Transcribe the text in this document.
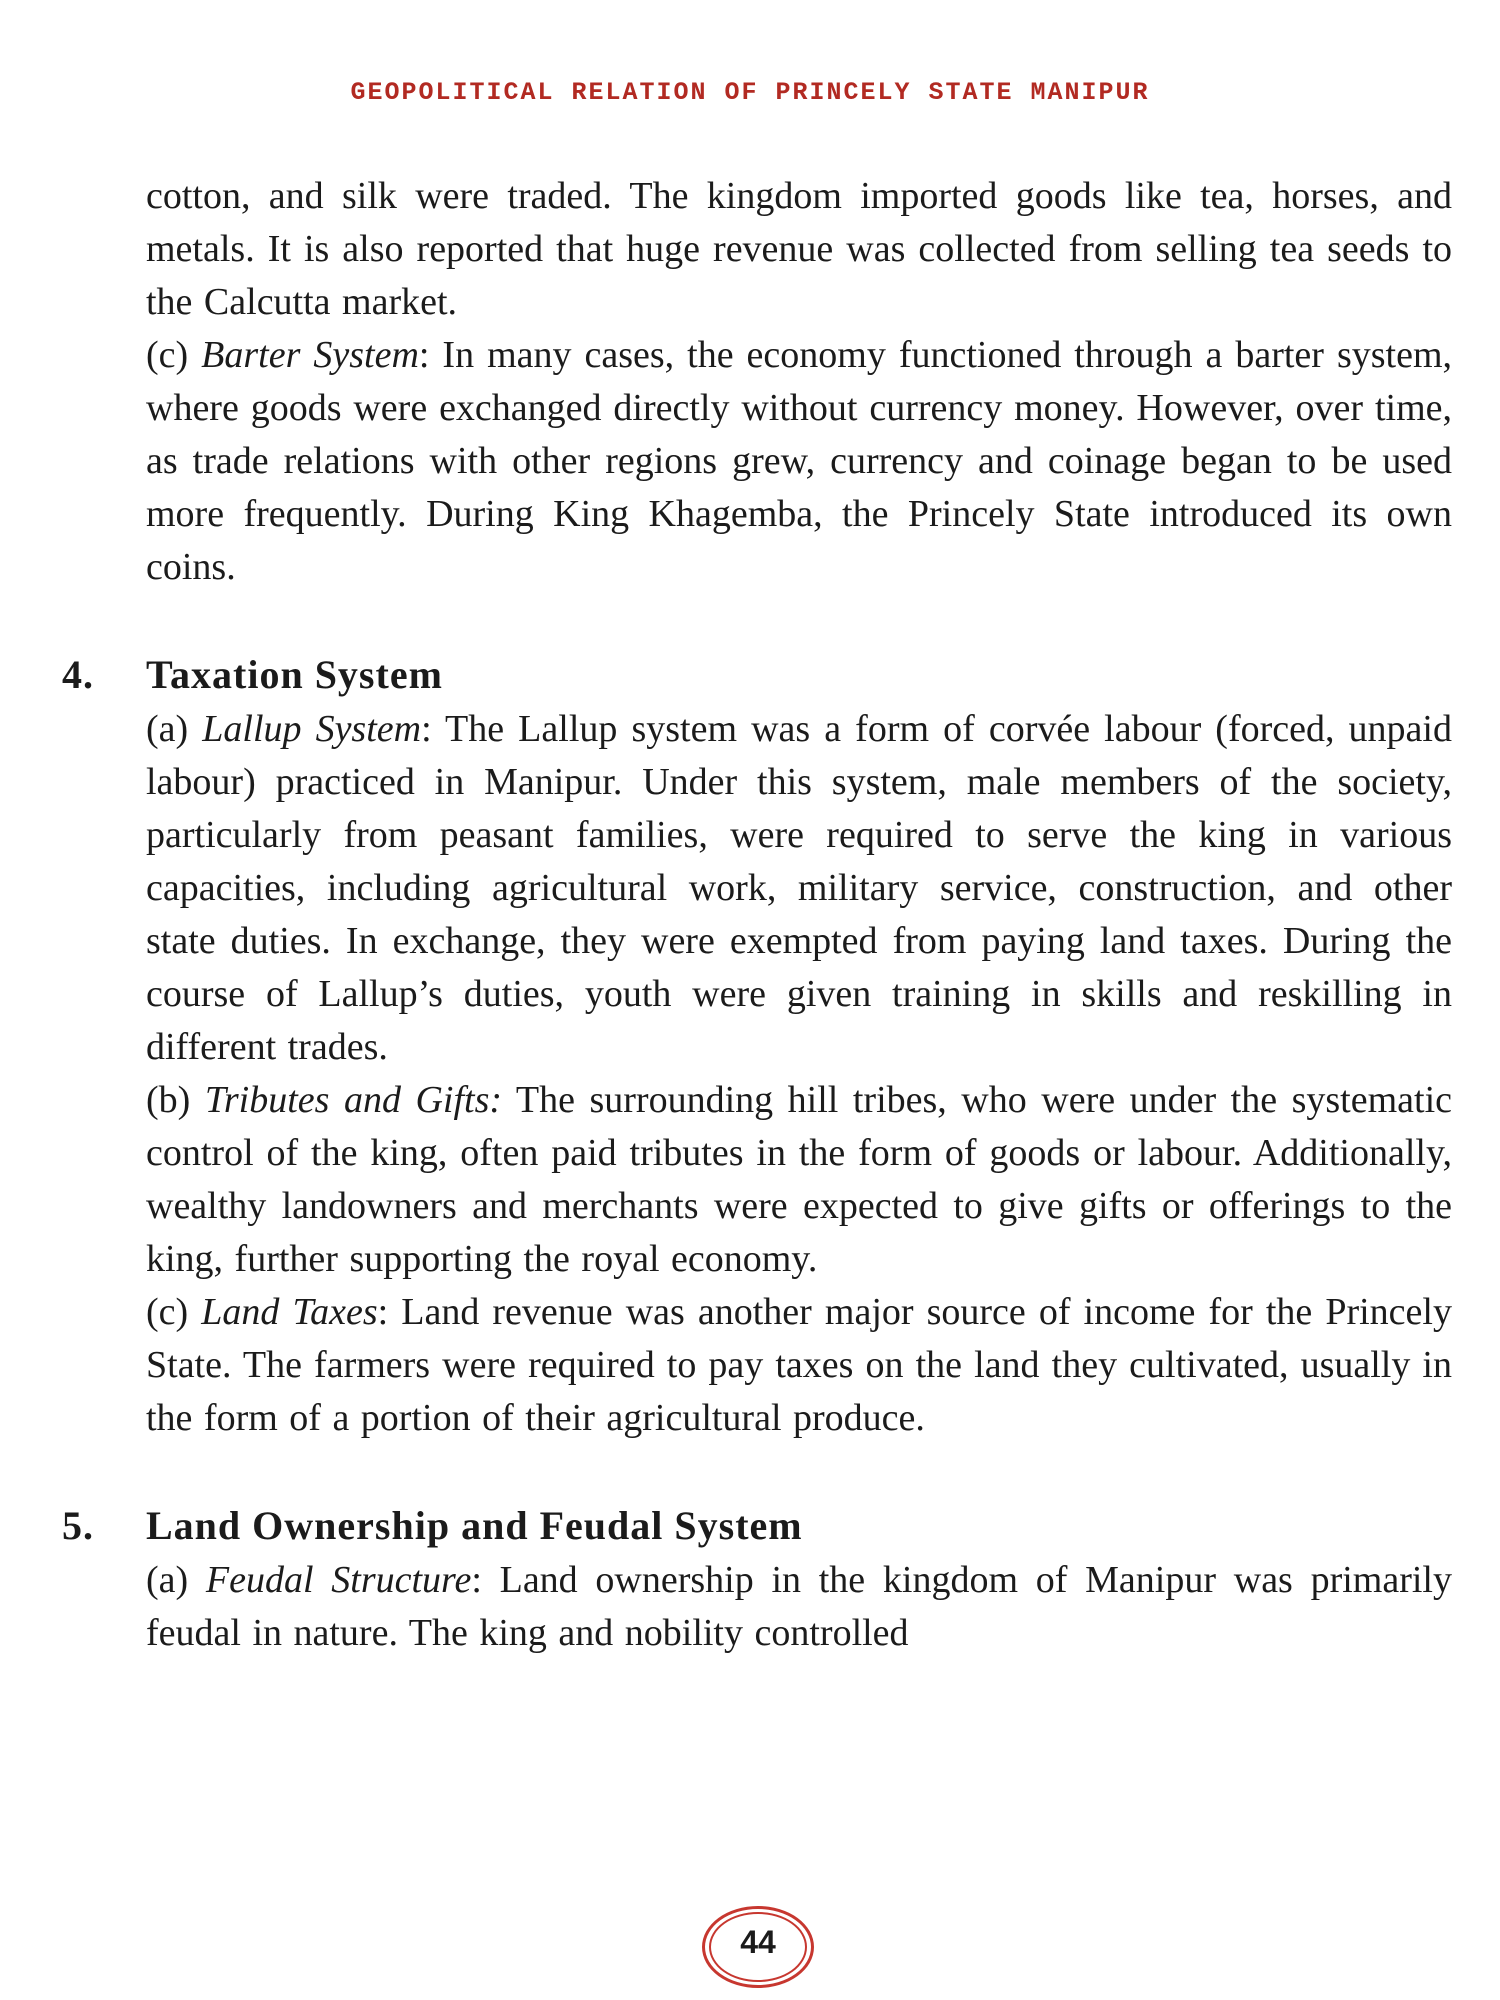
GEOPOLITICAL RELATION OF PRINCELY STATE MANIPUR

cotton, and silk were traded. The kingdom imported goods like tea, horses, and metals. It is also reported that huge revenue was collected from selling tea seeds to the Calcutta market.
(c) Barter System: In many cases, the economy functioned through a barter system, where goods were exchanged directly without currency money. However, over time, as trade relations with other regions grew, currency and coinage began to be used more frequently. During King Khagemba, the Princely State introduced its own coins.

4.	Taxation System

(a) Lallup System: The Lallup system was a form of corvée labour (forced, unpaid labour) practiced in Manipur. Under this system, male members of the society, particularly from peasant families, were required to serve the king in various capacities, including agricultural work, military service, construction, and other state duties. In exchange, they were exempted from paying land taxes. During the course of Lallup’s duties, youth were given training in skills and reskilling in different trades.
(b) Tributes and Gifts: The surrounding hill tribes, who were under the systematic control of the king, often paid tributes in the form of goods or labour. Additionally, wealthy landowners and merchants were expected to give gifts or offerings to the king, further supporting the royal economy.
(c) Land Taxes: Land revenue was another major source of income for the Princely State. The farmers were required to pay taxes on the land they cultivated, usually in the form of a portion of their agricultural produce.

5.	Land Ownership and Feudal System

(a) Feudal Structure: Land ownership in the kingdom of Manipur was primarily feudal in nature. The king and nobility controlled

44
